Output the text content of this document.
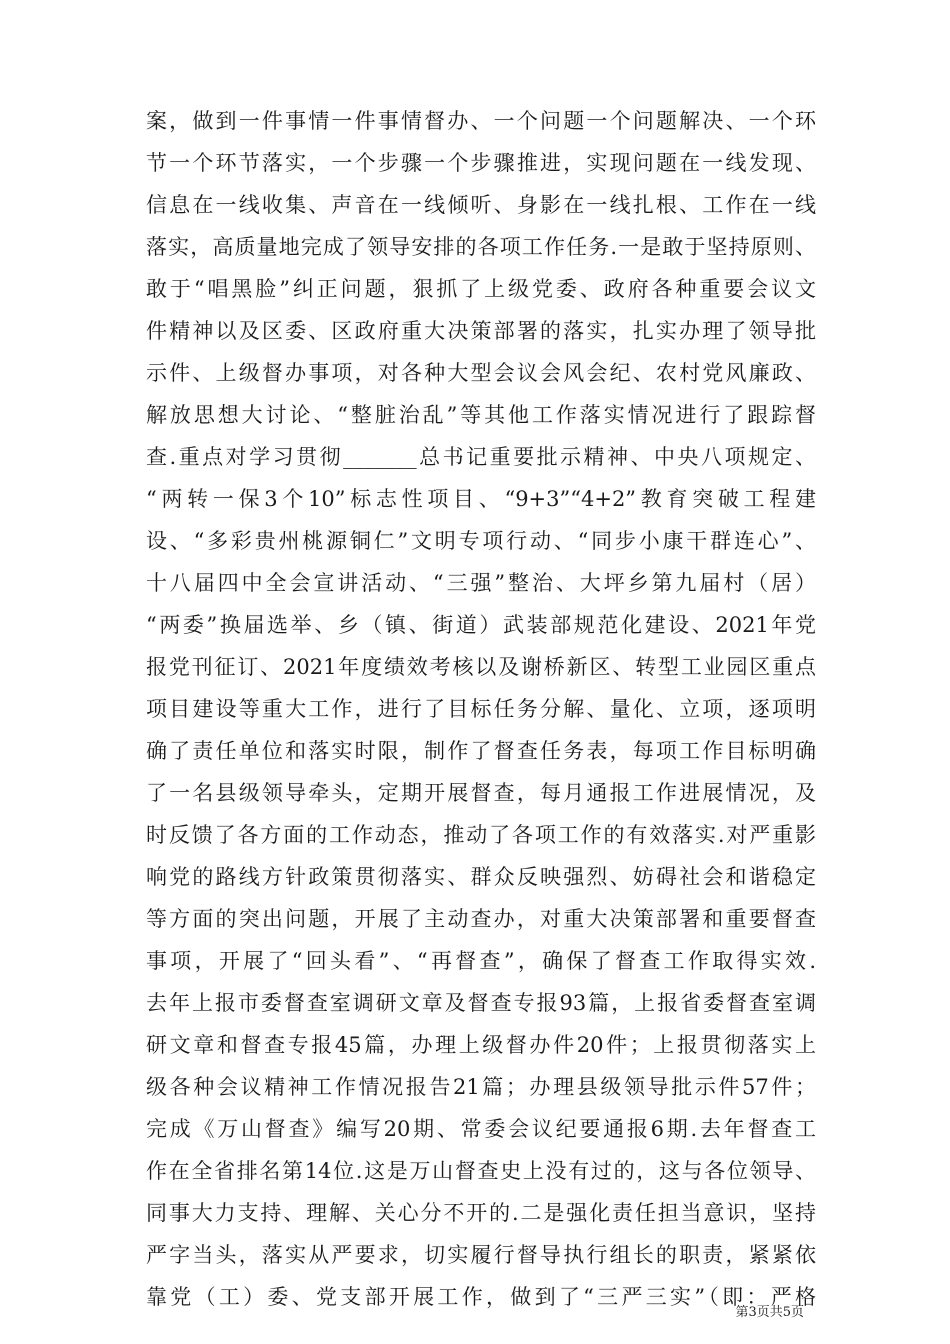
案，做到一件事情一件事情督办、一个问题一个问题解决、一个环
节一个环节落实，一个步骤一个步骤推进，实现问题在一线发现、
信息在一线收集、声音在一线倾听、身影在一线扎根、工作在一线
落实，高质量地完成了领导安排的各项工作任务.一是敢于坚持原则、
敢于“唱黑脸”纠正问题，狠抓了上级党委、政府各种重要会议文
件精神以及区委、区政府重大决策部署的落实，扎实办理了领导批
示件、上级督办事项，对各种大型会议会风会纪、农村党风廉政、
解放思想大讨论、“整脏治乱”等其他工作落实情况进行了跟踪督
查.重点对学习贯彻_______总书记重要批示精神、中央八项规定、
“两转一保3个10”标志性项目、“9+3”“4+2”教育突破工程建
设、“多彩贵州桃源铜仁”文明专项行动、“同步小康干群连心”、
十八届四中全会宣讲活动、“三强”整治、大坪乡第九届村（居）
“两委”换届选举、乡（镇、街道）武装部规范化建设、2021年党
报党刊征订、2021年度绩效考核以及谢桥新区、转型工业园区重点
项目建设等重大工作，进行了目标任务分解、量化、立项，逐项明
确了责任单位和落实时限，制作了督查任务表，每项工作目标明确
了一名县级领导牵头，定期开展督查，每月通报工作进展情况，及
时反馈了各方面的工作动态，推动了各项工作的有效落实.对严重影
响党的路线方针政策贯彻落实、群众反映强烈、妨碍社会和谐稳定
等方面的突出问题，开展了主动查办，对重大决策部署和重要督查
事项，开展了“回头看”、“再督查”，确保了督查工作取得实效.
去年上报市委督查室调研文章及督查专报93篇，上报省委督查室调
研文章和督查专报45篇，办理上级督办件20件；上报贯彻落实上
级各种会议精神工作情况报告21篇；办理县级领导批示件57件；
完成《万山督查》编写20期、常委会议纪要通报6期.去年督查工
作在全省排名第14位.这是万山督查史上没有过的，这与各位领导、
同事大力支持、理解、关心分不开的.二是强化责任担当意识，坚持
严字当头，落实从严要求，切实履行督导执行组长的职责，紧紧依
靠党（工）委、党支部开展工作，做到了“三严三实”（即：严格
第3页共5页
